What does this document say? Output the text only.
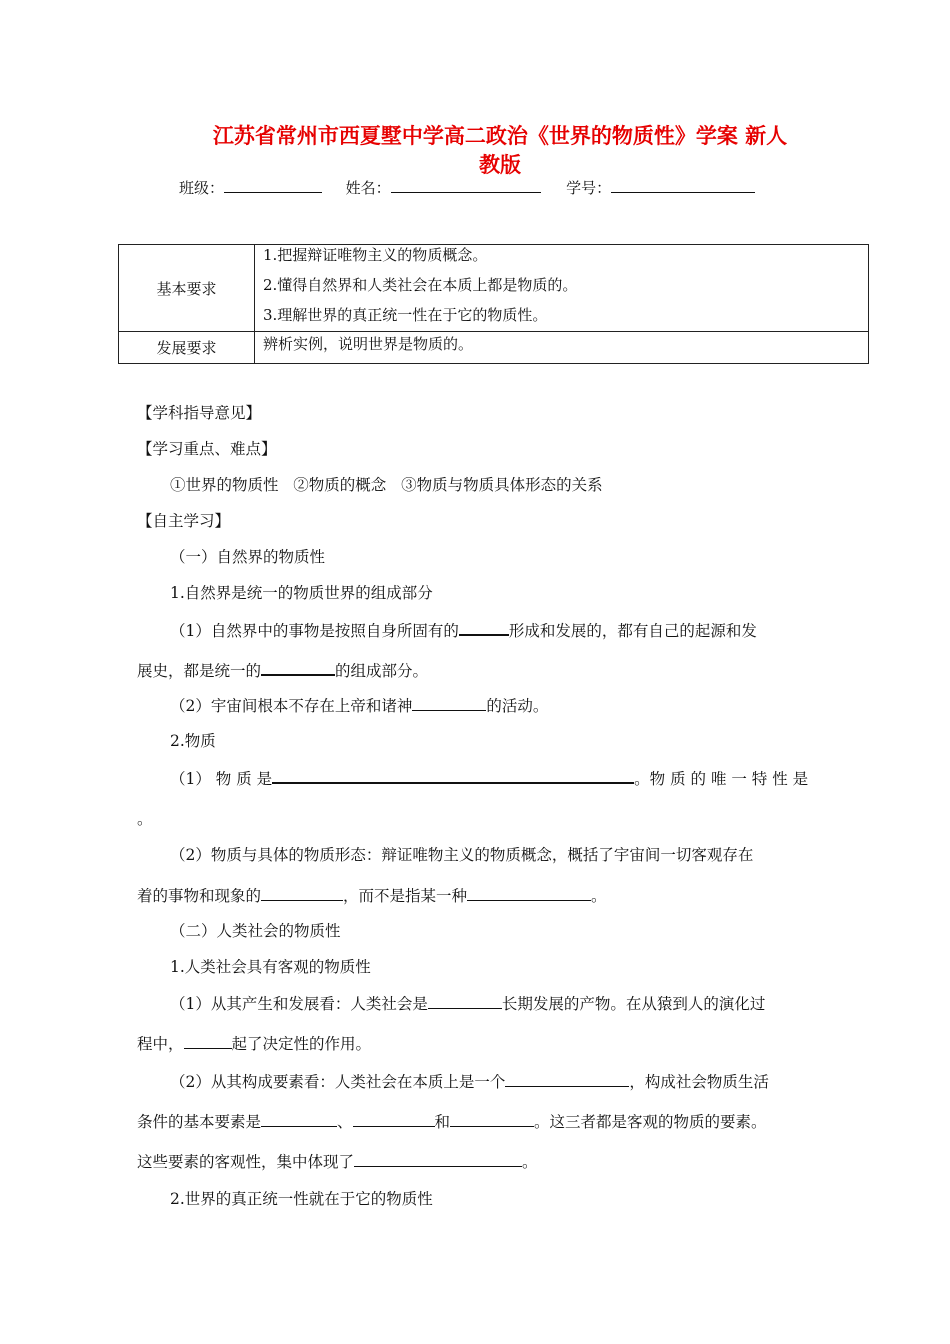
江苏省常州市西夏墅中学高二政治《世界的物质性》学案 新人
教版
班级：	姓名：	学号：
基本要求	1.把握辩证唯物主义的物质概念。
2.懂得自然界和人类社会在本质上都是物质的。
3.理解世界的真正统一性在于它的物质性。

发展要求	辨析实例，说明世界是物质的。
【学科指导意见】
【学习重点、难点】
①世界的物质性   ②物质的概念   ③物质与物质具体形态的关系
【自主学习】
（一）自然界的物质性
1.自然界是统一的物质世界的组成部分
（1）自然界中的事物是按照自身所固有的	形成和发展的，都有自己的起源和发
展史，都是统一的	的组成部分。
（2）宇宙间根本不存在上帝和诸神	的活动。
2.物质
（1） 物 质 是	。物 质 的 唯 一 特 性 是
。
（2）物质与具体的物质形态：辩证唯物主义的物质概念，概括了宇宙间一切客观存在
着的事物和现象的	，而不是指某一种	。
（二）人类社会的物质性
1.人类社会具有客观的物质性
（1）从其产生和发展看：人类社会是	长期发展的产物。在从猿到人的演化过
程中，	起了决定性的作用。
（2）从其构成要素看：人类社会在本质上是一个	，构成社会物质生活
条件的基本要素是	、	和	。这三者都是客观的物质的要素。
这些要素的客观性，集中体现了	。
2.世界的真正统一性就在于它的物质性
